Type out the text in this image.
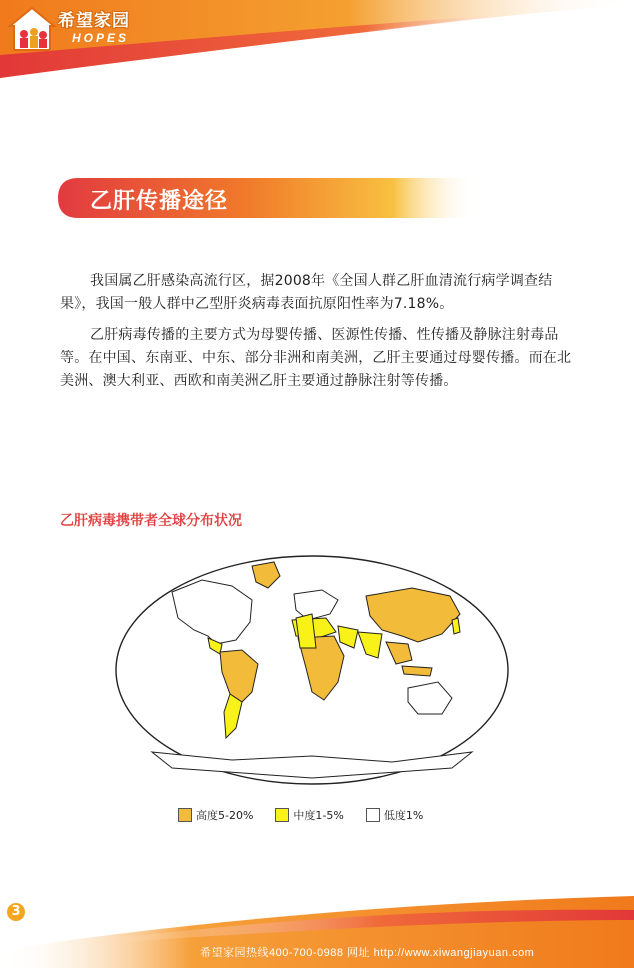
希望家园
HOPES
乙肝传播途径
我国属乙肝感染高流行区，据2008年《全国人群乙肝血清流行病学调查结果》，我国一般人群中乙型肝炎病毒表面抗原阳性率为7.18%。
乙肝病毒传播的主要方式为母婴传播、医源性传播、性传播及静脉注射毒品等。在中国、东南亚、中东、部分非洲和南美洲，乙肝主要通过母婴传播。而在北美洲、澳大利亚、西欧和南美洲乙肝主要通过静脉注射等传播。
乙肝病毒携带者全球分布状况
高度5-20%	中度1-5%	低度1%
3
希望家园热线400-700-0988 网址 http://www.xiwangjiayuan.com
